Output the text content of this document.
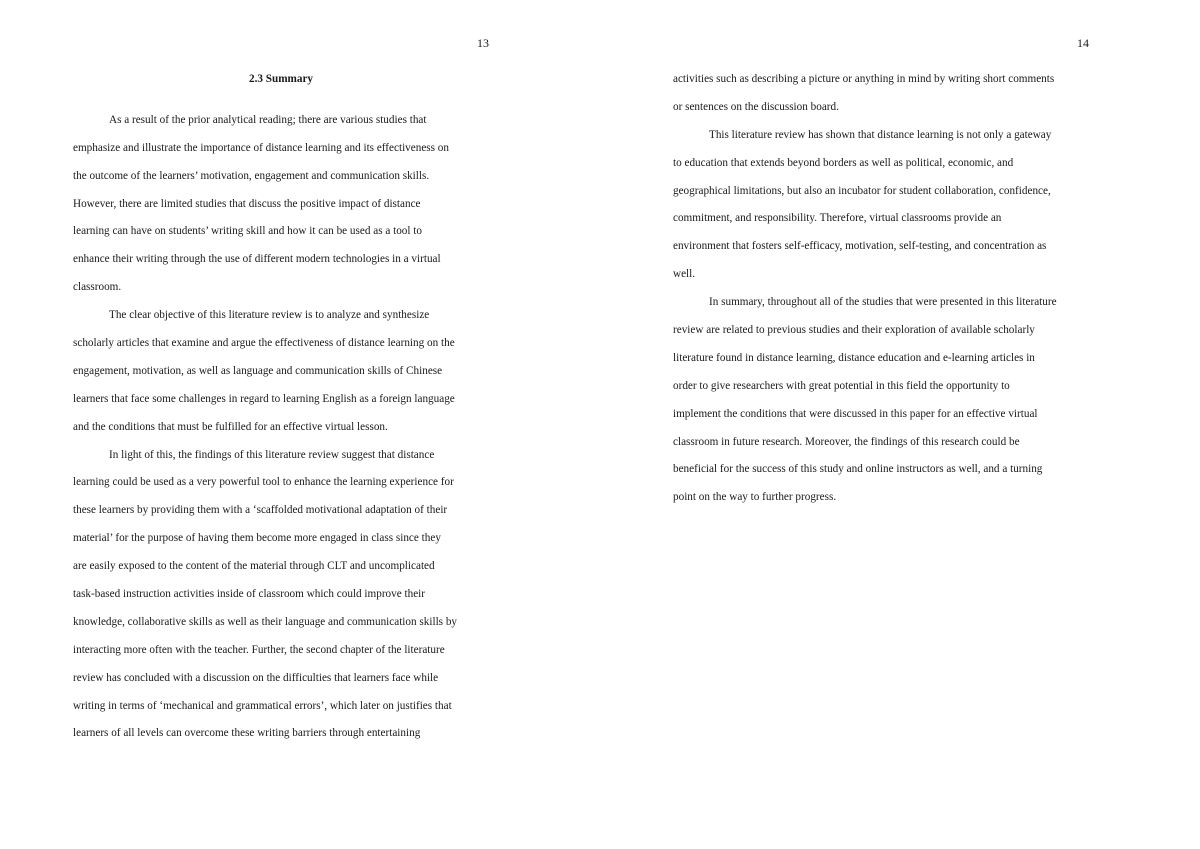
13
2.3 Summary
As a result of the prior analytical reading; there are various studies that
emphasize and illustrate the importance of distance learning and its effectiveness on
the outcome of the learners’ motivation, engagement and communication skills.
However, there are limited studies that discuss the positive impact of distance
learning can have on students’ writing skill and how it can be used as a tool to
enhance their writing through the use of different modern technologies in a virtual
classroom.
The clear objective of this literature review is to analyze and synthesize
scholarly articles that examine and argue the effectiveness of distance learning on the
engagement, motivation, as well as language and communication skills of Chinese
learners that face some challenges in regard to learning English as a foreign language
and the conditions that must be fulfilled for an effective virtual lesson.
In light of this, the findings of this literature review suggest that distance
learning could be used as a very powerful tool to enhance the learning experience for
these learners by providing them with a ‘scaffolded motivational adaptation of their
material’ for the purpose of having them become more engaged in class since they
are easily exposed to the content of the material through CLT and uncomplicated
task-based instruction activities inside of classroom which could improve their
knowledge, collaborative skills as well as their language and communication skills by
interacting more often with the teacher. Further, the second chapter of the literature
review has concluded with a discussion on the difficulties that learners face while
writing in terms of ‘mechanical and grammatical errors’, which later on justifies that
learners of all levels can overcome these writing barriers through entertaining
14
activities such as describing a picture or anything in mind by writing short comments
or sentences on the discussion board.
This literature review has shown that distance learning is not only a gateway
to education that extends beyond borders as well as political, economic, and
geographical limitations, but also an incubator for student collaboration, confidence,
commitment, and responsibility. Therefore, virtual classrooms provide an
environment that fosters self-efficacy, motivation, self-testing, and concentration as
well.
In summary, throughout all of the studies that were presented in this literature
review are related to previous studies and their exploration of available scholarly
literature found in distance learning, distance education and e-learning articles in
order to give researchers with great potential in this field the opportunity to
implement the conditions that were discussed in this paper for an effective virtual
classroom in future research. Moreover, the findings of this research could be
beneficial for the success of this study and online instructors as well, and a turning
point on the way to further progress.
